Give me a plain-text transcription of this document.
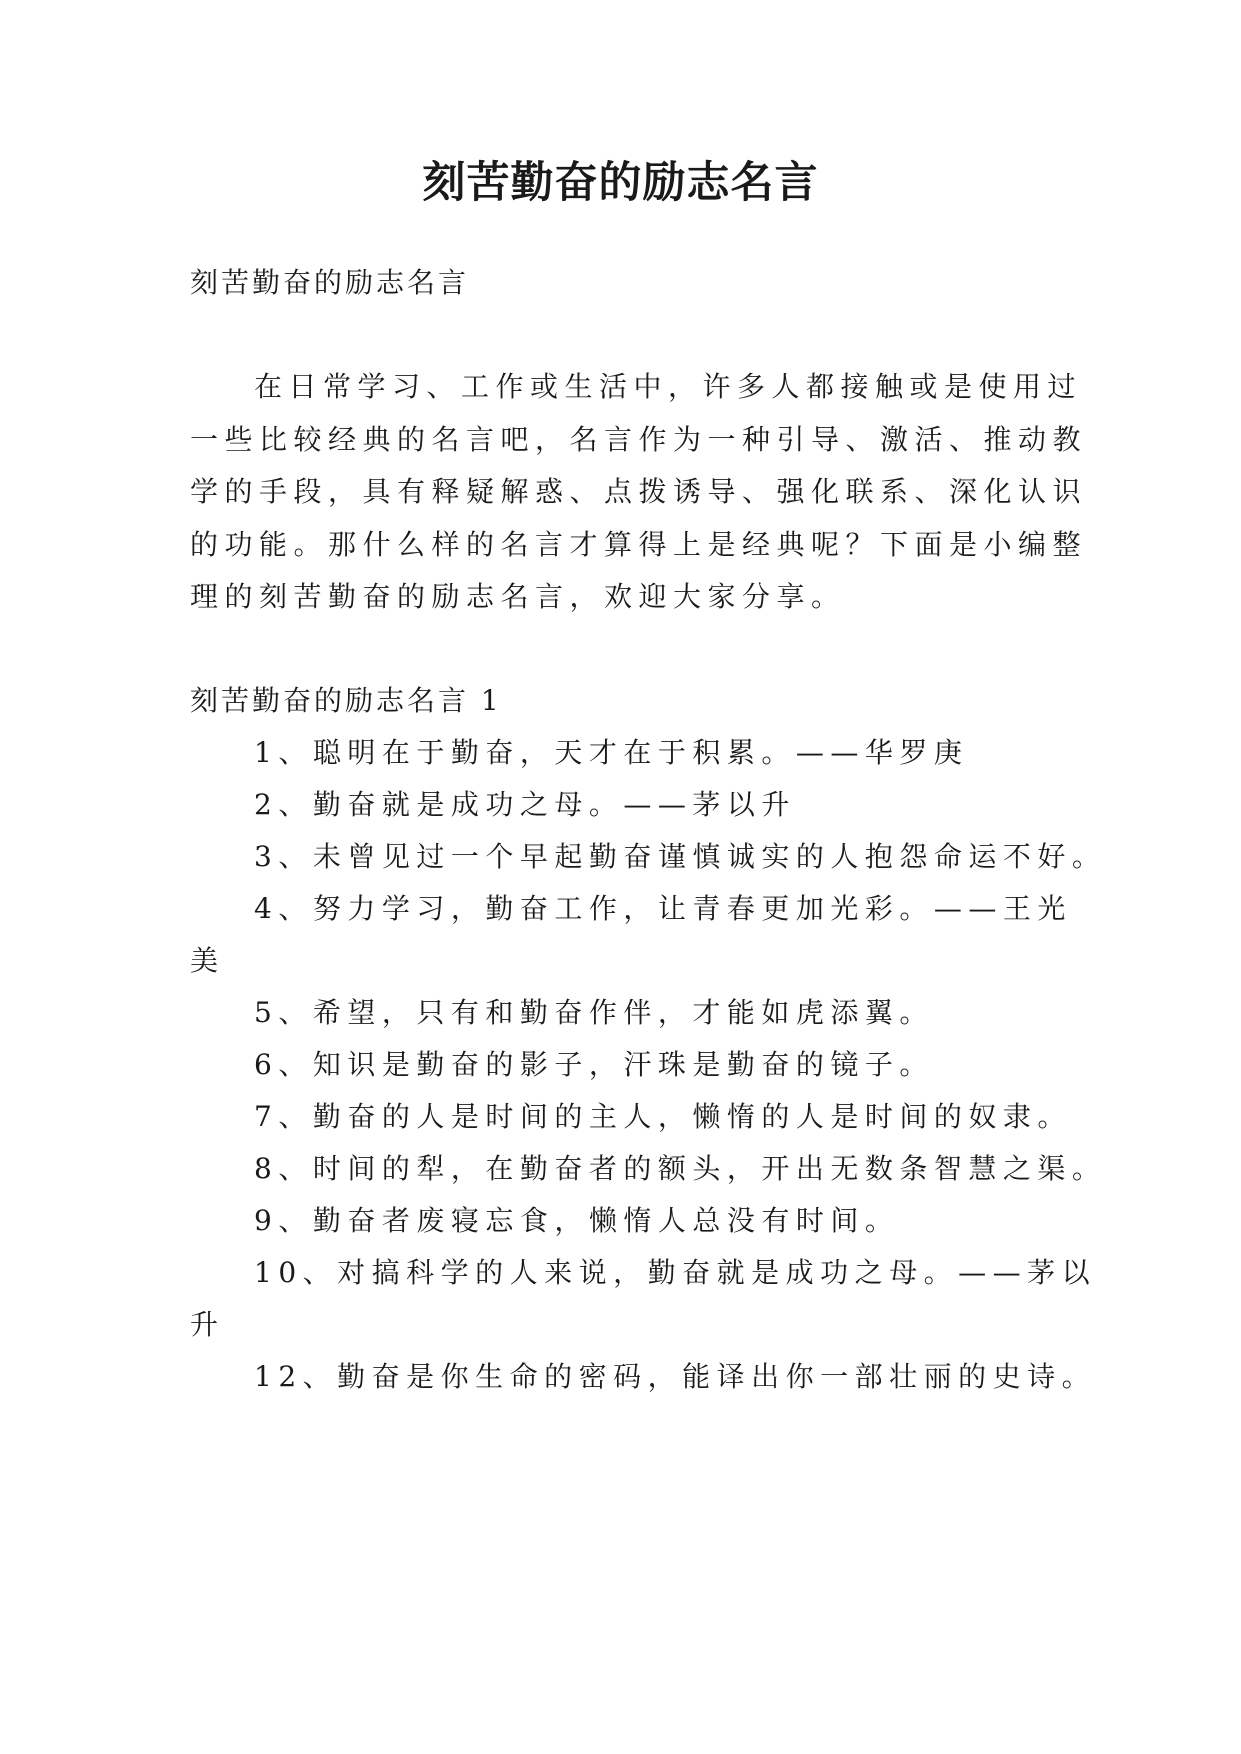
刻苦勤奋的励志名言
刻苦勤奋的励志名言
在日常学习、工作或生活中，许多人都接触或是使用过
一些比较经典的名言吧，名言作为一种引导、激活、推动教
学的手段，具有释疑解惑、点拨诱导、强化联系、深化认识
的功能。那什么样的名言才算得上是经典呢？下面是小编整
理的刻苦勤奋的励志名言，欢迎大家分享。
刻苦勤奋的励志名言 1
1、聪明在于勤奋，天才在于积累。——华罗庚
2、勤奋就是成功之母。——茅以升
3、未曾见过一个早起勤奋谨慎诚实的人抱怨命运不好。
4、努力学习，勤奋工作，让青春更加光彩。——王光
美
5、希望，只有和勤奋作伴，才能如虎添翼。
6、知识是勤奋的影子，汗珠是勤奋的镜子。
7、勤奋的人是时间的主人，懒惰的人是时间的奴隶。
8、时间的犁，在勤奋者的额头，开出无数条智慧之渠。
9、勤奋者废寝忘食，懒惰人总没有时间。
10、对搞科学的人来说，勤奋就是成功之母。——茅以
升
12、勤奋是你生命的密码，能译出你一部壮丽的史诗。
